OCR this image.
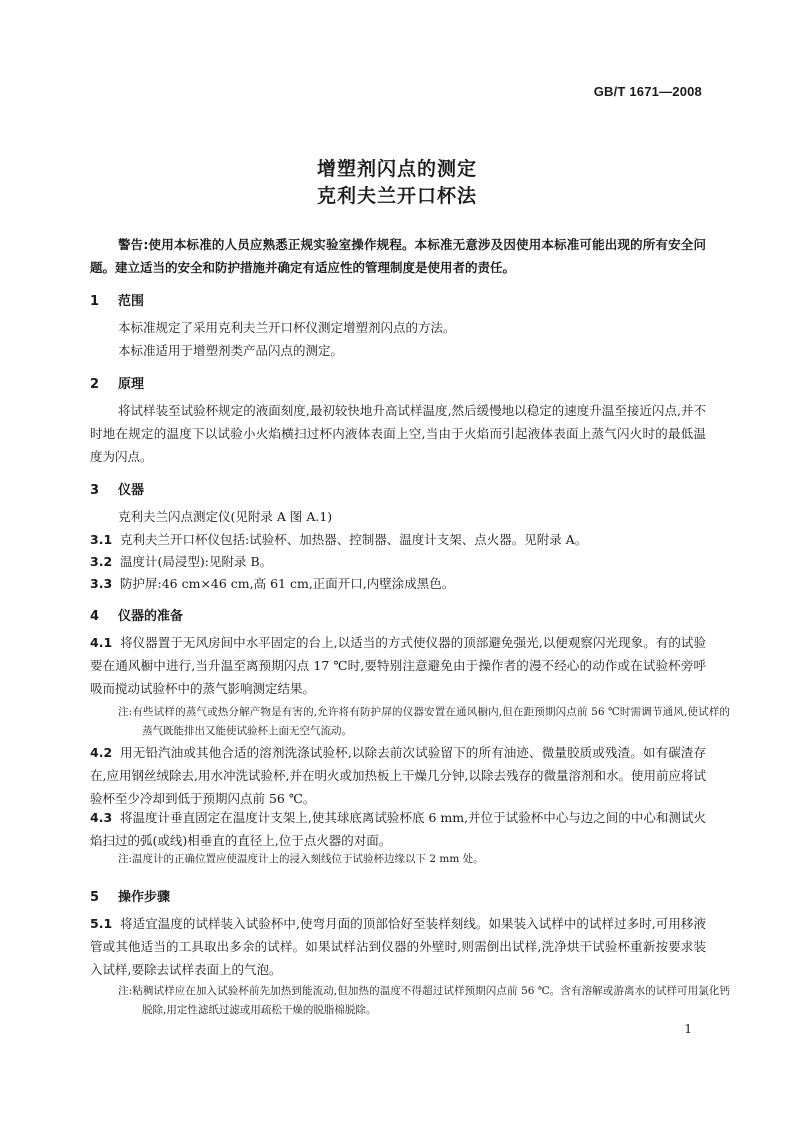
GB/T 1671—2008
增塑剂闪点的测定
克利夫兰开口杯法
警告:使用本标准的人员应熟悉正规实验室操作规程。本标准无意涉及因使用本标准可能出现的所有安全问题。建立适当的安全和防护措施并确定有适应性的管理制度是使用者的责任。
1 范围
本标准规定了采用克利夫兰开口杯仪测定增塑剂闪点的方法。
本标准适用于增塑剂类产品闪点的测定。
2 原理
将试样装至试验杯规定的液面刻度,最初较快地升高试样温度,然后缓慢地以稳定的速度升温至接近闪点,并不时地在规定的温度下以试验小火焰横扫过杯内液体表面上空,当由于火焰而引起液体表面上蒸气闪火时的最低温度为闪点。
3 仪器
克利夫兰闪点测定仪(见附录 A 图 A.1)
3.1 克利夫兰开口杯仪包括:试验杯、加热器、控制器、温度计支架、点火器。见附录 A。
3.2 温度计(局浸型):见附录 B。
3.3 防护屏:46 cm×46 cm,高 61 cm,正面开口,内壁涂成黑色。
4 仪器的准备
4.1 将仪器置于无风房间中水平固定的台上,以适当的方式使仪器的顶部避免强光,以便观察闪光现象。有的试验要在通风橱中进行,当升温至离预期闪点 17 ℃时,要特别注意避免由于操作者的漫不经心的动作或在试验杯旁呼吸而搅动试验杯中的蒸气影响测定结果。
注:有些试样的蒸气或热分解产物是有害的,允许将有防护屏的仪器安置在通风橱内,但在距预期闪点前 56 ℃时需调节通风,使试样的蒸气既能排出又能使试验杯上面无空气流动。
4.2 用无铅汽油或其他合适的溶剂洗涤试验杯,以除去前次试验留下的所有油迹、微量胶质或残渣。如有碳渣存在,应用钢丝绒除去,用水冲洗试验杯,并在明火或加热板上干燥几分钟,以除去残存的微量溶剂和水。使用前应将试验杯至少冷却到低于预期闪点前 56 ℃。
4.3 将温度计垂直固定在温度计支架上,使其球底离试验杯底 6 mm,并位于试验杯中心与边之间的中心和测试火焰扫过的弧(或线)相垂直的直径上,位于点火器的对面。
注:温度计的正确位置应使温度计上的浸入刻线位于试验杯边缘以下 2 mm 处。
5 操作步骤
5.1 将适宜温度的试样装入试验杯中,使弯月面的顶部恰好至装样刻线。如果装入试样中的试样过多时,可用移液管或其他适当的工具取出多余的试样。如果试样沾到仪器的外壁时,则需倒出试样,洗净烘干试验杯重新按要求装入试样,要除去试样表面上的气泡。
注:粘稠试样应在加入试验杯前先加热到能流动,但加热的温度不得超过试样预期闪点前 56 ℃。含有溶解或游离水的试样可用氯化钙脱除,用定性滤纸过滤或用疏松干燥的脱脂棉脱除。
1
